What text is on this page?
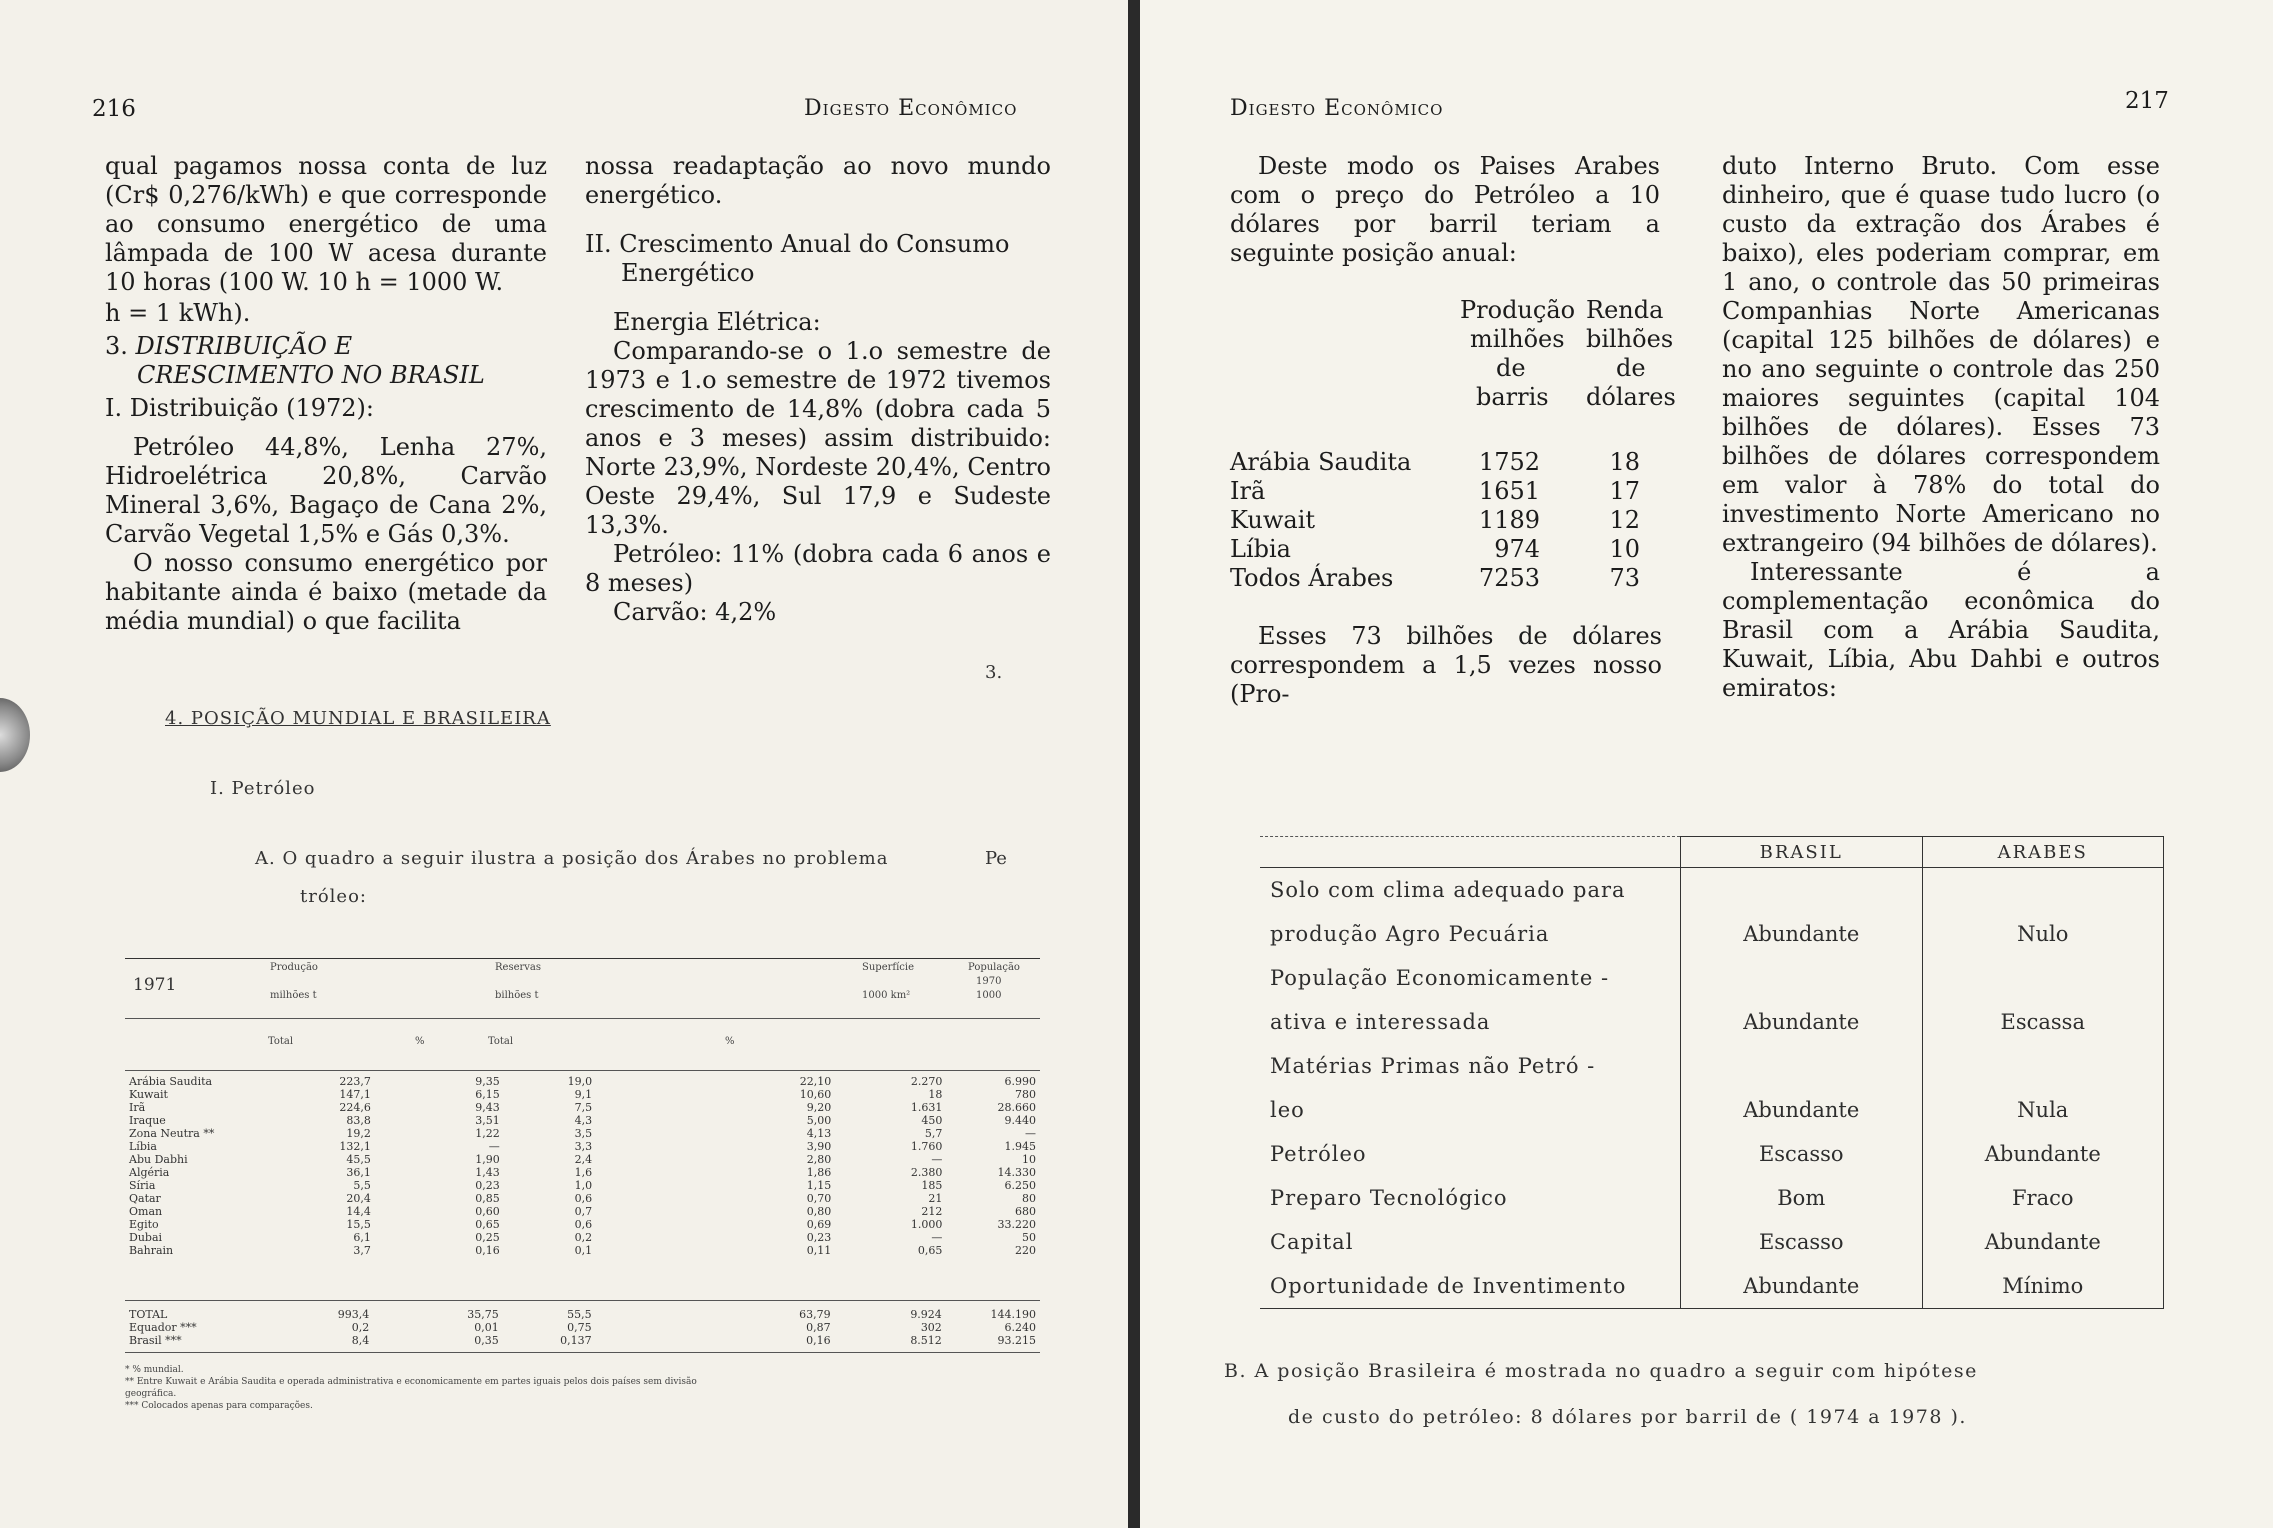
216	Digesto Econômico

qual pagamos nossa conta de luz (Cr$ 0,276/kWh) e que corresponde ao consumo energético de uma lâmpada de 100 W acesa durante 10 horas (100 W. 10 h = 1000 W.

h = 1 kWh).

3. DISTRIBUIÇÃO E

CRESCIMENTO NO BRASIL

I. Distribuição (1972):

Petróleo 44,8%, Lenha 27%, Hidroelétrica 20,8%, Carvão Mineral 3,6%, Bagaço de Cana 2%, Carvão Vegetal 1,5% e Gás 0,3%.

O nosso consumo energético por habitante ainda é baixo (metade da média mundial) o que facilita

nossa readaptação ao novo mundo energético.

II. Crescimento Anual do Consumo

Energético

Energia Elétrica:

Comparando-se o 1.o semestre de 1973 e 1.o semestre de 1972 tivemos crescimento de 14,8% (dobra cada 5 anos e 3 meses) assim distribuido: Norte 23,9%, Nordeste 20,4%, Centro Oeste 29,4%, Sul 17,9 e Sudeste 13,3%.

Petróleo: 11% (dobra cada 6 anos e 8 meses)

Carvão: 4,2%

3.
4. POSIÇÃO MUNDIAL E BRASILEIRA
I. Petróleo
A. O quadro a seguir ilustra a posição dos Árabes no problema	Pe
tróleo:
1971
Produção
milhões t
Reservas
bilhões t
Superfície
1000 km²
População
1970
1000
Total	%	Total	%
Arábia Saudita	223,7	9,35	19,0	22,10	2.270	6.990
Kuwait	147,1	6,15	9,1	10,60	18	780
Irã	224,6	9,43	7,5	9,20	1.631	28.660
Iraque	83,8	3,51	4,3	5,00	450	9.440
Zona Neutra **	19,2	1,22	3,5	4,13	5,7	—
Líbia	132,1	—	3,3	3,90	1.760	1.945
Abu Dabhi	45,5	1,90	2,4	2,80	—	10
Algéria	36,1	1,43	1,6	1,86	2.380	14.330
Síria	5,5	0,23	1,0	1,15	185	6.250
Qatar	20,4	0,85	0,6	0,70	21	80
Oman	14,4	0,60	0,7	0,80	212	680
Egito	15,5	0,65	0,6	0,69	1.000	33.220
Dubai	6,1	0,25	0,2	0,23	—	50
Bahrain	3,7	0,16	0,1	0,11	0,65	220
TOTAL	993,4	35,75	55,5	63,79	9.924	144.190
Equador ***	0,2	0,01	0,75	0,87	302	6.240
Brasil ***	8,4	0,35	0,137	0,16	8.512	93.215
* % mundial.
** Entre Kuwait e Arábia Saudita e operada administrativa e economicamente em partes iguais pelos dois países sem divisão geográfica.
*** Colocados apenas para comparações.
Digesto Econômico	217
Deste modo os Paises Arabes com o preço do Petróleo a 10 dólares por barril teriam a seguinte posição anual:
Produção
milhões
de
barris
Renda
bilhões
de
dólares
Arábia Saudita	1752	18
Irã	1651	17
Kuwait	1189	12
Líbia	974	10
Todos Árabes	7253	73
Esses 73 bilhões de dólares correspondem a 1,5 vezes nosso (Pro-

duto Interno Bruto. Com esse dinheiro, que é quase tudo lucro (o custo da extração dos Árabes é baixo), eles poderiam comprar, em 1 ano, o controle das 50 primeiras Companhias Norte Americanas (capital 125 bilhões de dólares) e no ano seguinte o controle das 250 maiores seguintes (capital 104 bilhões de dólares). Esses 73 bilhões de dólares correspondem em valor à 78% do total do investimento Norte Americano no extrangeiro (94 bilhões de dólares).

Interessante é a complementação econômica do Brasil com a Arábia Saudita, Kuwait, Líbia, Abu Dahbi e outros emiratos:

	BRASIL	ARABES
Solo com clima adequado para		
produção Agro Pecuária	Abundante	Nulo
População Economicamente -		
ativa e interessada	Abundante	Escassa
Matérias Primas não Petró -		
leo	Abundante	Nula
Petróleo	Escasso	Abundante
Preparo Tecnológico	Bom	Fraco
Capital	Escasso	Abundante
Oportunidade de Inventimento	Abundante	Mínimo
B. A posição Brasileira é mostrada no quadro a seguir com hipótese
de custo do petróleo: 8 dólares por barril de ( 1974 a 1978 ).
